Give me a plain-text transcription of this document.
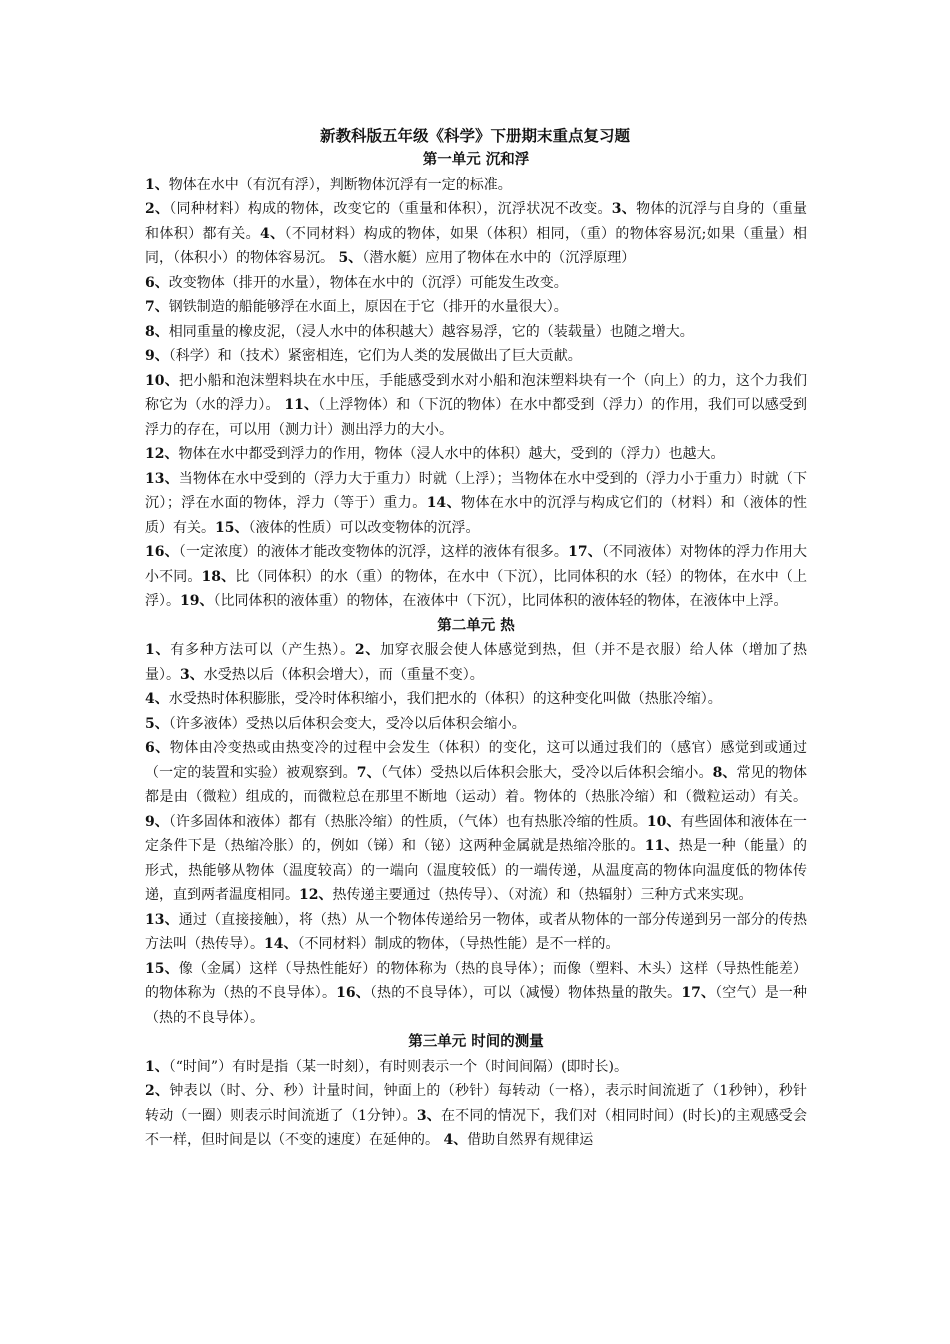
新教科版五年级《科学》下册期末重点复习题
第一单元 沉和浮

1、物体在水中（有沉有浮），判断物体沉浮有一定的标准。

2、（同种材料）构成的物体，改变它的（重量和体积），沉浮状况不改变。3、物体的沉浮与自身的（重量和体积）都有关。4、（不同材料）构成的物体，如果（体积）相同，（重）的物体容易沉;如果（重量）相同，（体积小）的物体容易沉。 5、（潜水艇）应用了物体在水中的（沉浮原理）

6、改变物体（排开的水量），物体在水中的（沉浮）可能发生改变。

7、钢铁制造的船能够浮在水面上，原因在于它（排开的水量很大）。

8、相同重量的橡皮泥，（浸人水中的体积越大）越容易浮，它的（装载量）也随之增大。

9、（科学）和（技术）紧密相连，它们为人类的发展做出了巨大贡献。

10、把小船和泡沫塑料块在水中压，手能感受到水对小船和泡沫塑料块有一个（向上）的力，这个力我们称它为（水的浮力）。 11、（上浮物体）和（下沉的物体）在水中都受到（浮力）的作用，我们可以感受到浮力的存在，可以用（测力计）测出浮力的大小。

12、物体在水中都受到浮力的作用，物体（浸人水中的体积）越大，受到的（浮力）也越大。

13、当物体在水中受到的（浮力大于重力）时就（上浮）；当物体在水中受到的（浮力小于重力）时就（下沉）；浮在水面的物体，浮力（等于）重力。14、物体在水中的沉浮与构成它们的（材料）和（液体的性质）有关。15、（液体的性质）可以改变物体的沉浮。

16、（一定浓度）的液体才能改变物体的沉浮，这样的液体有很多。17、（不同液体）对物体的浮力作用大小不同。18、比（同体积）的水（重）的物体，在水中（下沉），比同体积的水（轻）的物体，在水中（上浮）。19、（比同体积的液体重）的物体，在液体中（下沉），比同体积的液体轻的物体，在液体中上浮。

第二单元 热

1、有多种方法可以（产生热）。2、加穿衣服会使人体感觉到热，但（并不是衣服）给人体（增加了热量）。3、水受热以后（体积会增大），而（重量不变）。

4、水受热时体积膨胀，受冷时体积缩小，我们把水的（体积）的这种变化叫做（热胀冷缩）。

5、（许多液体）受热以后体积会变大，受冷以后体积会缩小。

6、物体由冷变热或由热变冷的过程中会发生（体积）的变化，这可以通过我们的（感官）感觉到或通过（一定的装置和实验）被观察到。7、（气体）受热以后体积会胀大，受冷以后体积会缩小。8、常见的物体都是由（微粒）组成的，而微粒总在那里不断地（运动）着。物体的（热胀冷缩）和（微粒运动）有关。9、（许多固体和液体）都有（热胀冷缩）的性质，（气体）也有热胀冷缩的性质。10、有些固体和液体在一定条件下是（热缩冷胀）的，例如（锑）和（铋）这两种金属就是热缩冷胀的。11、热是一种（能量）的形式，热能够从物体（温度较高）的一端向（温度较低）的一端传递，从温度高的物体向温度低的物体传递，直到两者温度相同。12、热传递主要通过（热传导）、（对流）和（热辐射）三种方式来实现。

13、通过（直接接触），将（热）从一个物体传递给另一物体，或者从物体的一部分传递到另一部分的传热方法叫（热传导）。14、（不同材料）制成的物体，（导热性能）是不一样的。

15、像（金属）这样（导热性能好）的物体称为（热的良导体）；而像（塑料、木头）这样（导热性能差）的物体称为（热的不良导体）。16、（热的不良导体），可以（减慢）物体热量的散失。17、（空气）是一种（热的不良导体）。

第三单元 时间的测量

1、（“时间”）有时是指（某一时刻），有时则表示一个（时间间隔）(即时长)。

2、钟表以（时、分、秒）计量时间，钟面上的（秒针）每转动（一格），表示时间流逝了（1秒钟），秒针转动（一圈）则表示时间流逝了（1分钟）。3、在不同的情况下，我们对（相同时间）(时长)的主观感受会不一样，但时间是以（不变的速度）在延伸的。 4、借助自然界有规律运
